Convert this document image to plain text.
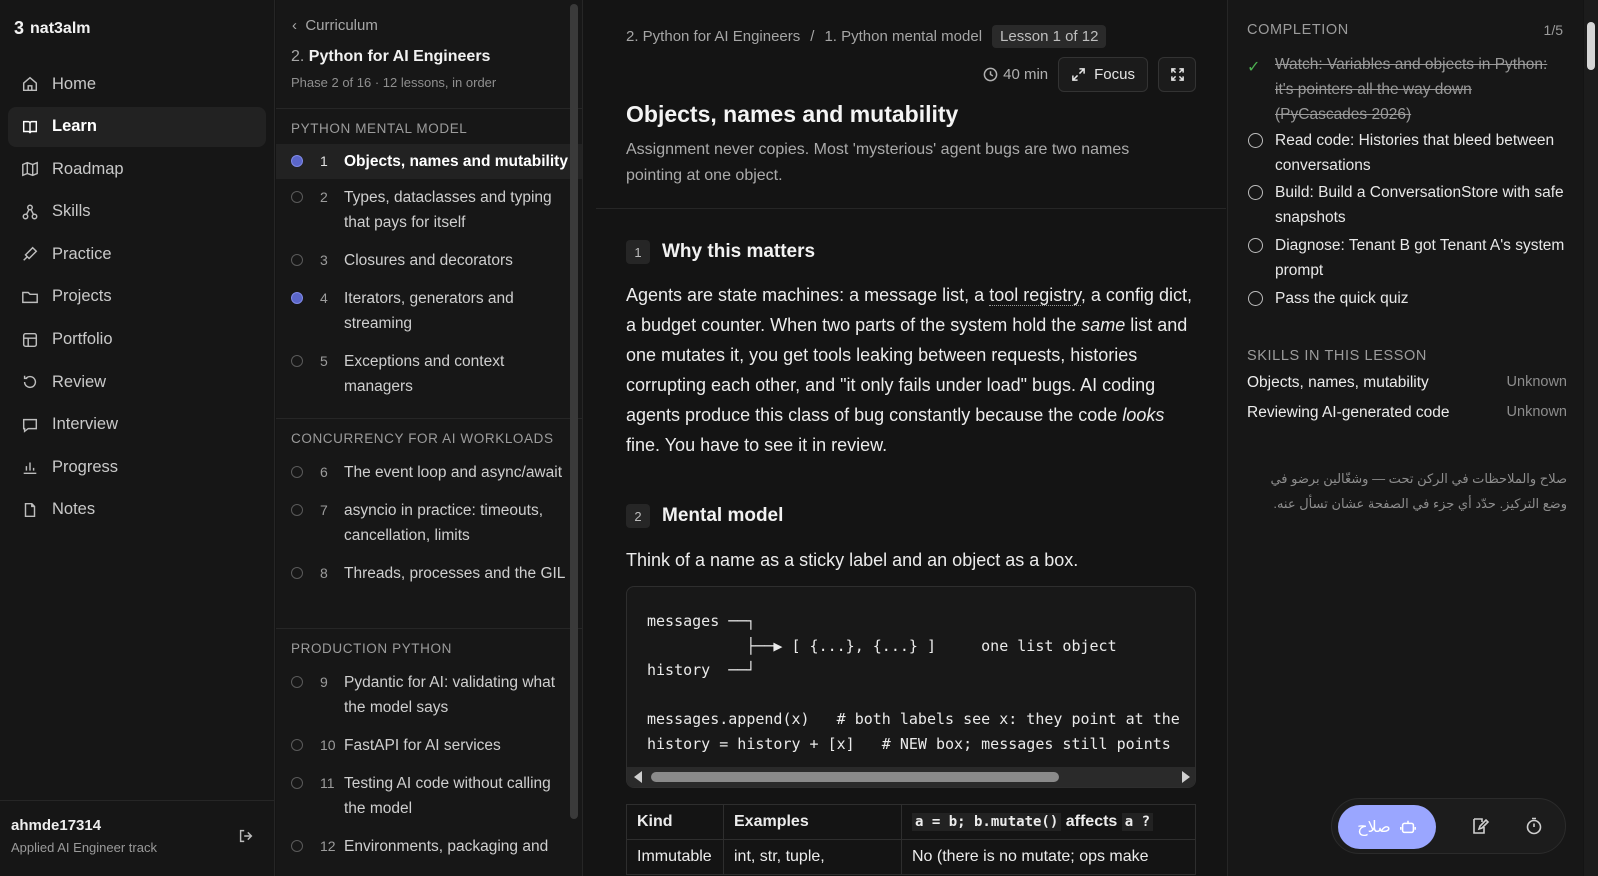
3 nat3alm
Home
Learn
Roadmap
Skills
Practice
Projects
Portfolio
Review
Interview
Progress
Notes
ahmde17314
Applied AI Engineer track
‹  Curriculum
2. Python for AI Engineers
Phase 2 of 16 · 12 lessons, in order
PYTHON MENTAL MODEL
1 Objects, names and mutability
2 Types, dataclasses and typing that pays for itself
3 Closures and decorators
4 Iterators, generators and streaming
5 Exceptions and context managers
CONCURRENCY FOR AI WORKLOADS
6 The event loop and async/await
7 asyncio in practice: timeouts, cancellation, limits
8 Threads, processes and the GIL
PRODUCTION PYTHON
9 Pydantic for AI: validating what the model says
10 FastAPI for AI services
11 Testing AI code without calling the model
12 Environments, packaging and
2. Python for AI Engineers / 1. Python mental model	Lesson 1 of 12
40 min	Focus
Objects, names and mutability

Assignment never copies. Most 'mysterious' agent bugs are two names pointing at one object.

1	Why this matters

Agents are state machines: a message list, a tool registry, a config dict, a budget counter. When two parts of the system hold the same list and one mutates it, you get tools leaking between requests, histories corrupting each other, and "it only fails under load" bugs. AI coding agents produce this class of bug constantly because the code looks fine. You have to see it in review.

2	Mental model

Think of a name as a sticky label and an object as a box.

messages ──┐
├──▶ [ {...}, {...} ]     one list object
history  ──┘

messages.append(x)   # both labels see x: they point at the
history = history + [x]   # NEW box; messages still points
Kind	Examples	a = b; b.mutate() affects a ?
Immutable	int, str, tuple,	No (there is no mutate; ops make
COMPLETION	1/5
✓ Watch: Variables and objects in Python: it's pointers all the way down (PyCascades 2026)
Read code: Histories that bleed between conversations
Build: Build a ConversationStore with safe snapshots
Diagnose: Tenant B got Tenant A's system prompt
Pass the quick quiz
SKILLS IN THIS LESSON
Objects, names, mutability	Unknown
Reviewing AI-generated code	Unknown

صلاح والملاحظات في الركن تحت — وشغّالين برضو في وضع التركيز. حدّد أي جزء في الصفحة عشان تسأل عنه.

صلاح
